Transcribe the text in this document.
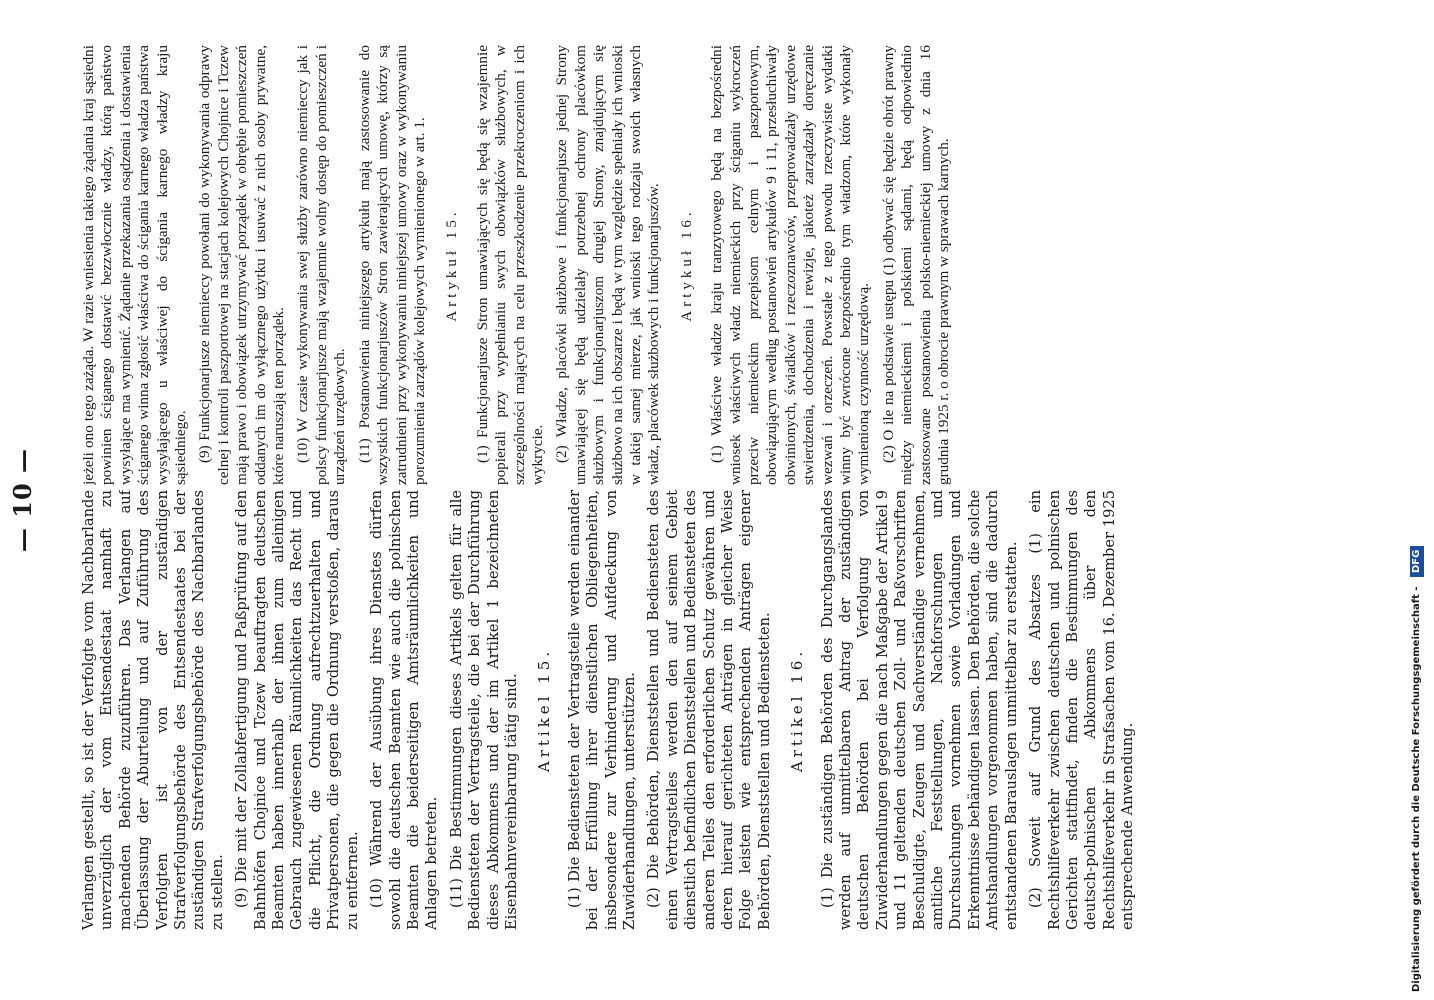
— 10 —	Verlangen gestellt, so ist der Verfolgte vom Nachbarlande unverzüglich der vom Entsendestaat namhaft zu machenden Behörde zuzuführen. Das Verlangen auf Überlassung der Aburteilung und auf Zuführung des Verfolgten ist von der zuständigen Strafverfolgungsbehörde des Entsendestaates bei der zuständigen Strafverfolgungsbehörde des Nachbarlandes zu stellen. (9) Die mit der Zollabfertigung und Paßprüfung auf den Bahnhöfen Chojnice und Tczew beauftragten deutschen Beamten haben innerhalb der ihnen zum alleinigen Gebrauch zugewiesenen Räumlichkeiten das Recht und die Pflicht, die Ordnung aufrechtzuerhalten und Privatpersonen, die gegen die Ordnung verstoßen, daraus zu entfernen. (10) Während der Ausübung ihres Dienstes dürfen sowohl die deutschen Beamten wie auch die polnischen Beamten die beiderseitigen Amtsräumlichkeiten und Anlagen betreten. (11) Die Bestimmungen dieses Artikels gelten für alle Bediensteten der Vertragsteile, die bei der Durchführung dieses Abkommens und der im Artikel 1 bezeichneten Eisenbahnvereinbarung tätig sind. Artikel 15. (1) Die Bediensteten der Vertragsteile werden einander bei der Erfüllung ihrer dienstlichen Obliegenheiten, insbesondere zur Verhinderung und Aufdeckung von Zuwiderhandlungen, unterstützen. (2) Die Behörden, Dienststellen und Bediensteten des einen Vertragsteiles werden den auf seinem Gebiet dienstlich befindlichen Dienststellen und Bediensteten des anderen Teiles den erforderlichen Schutz gewähren und deren hierauf gerichteten Anträgen in gleicher Weise Folge leisten wie entsprechenden Anträgen eigener Behörden, Dienststellen und Bediensteten. Artikel 16. (1) Die zuständigen Behörden des Durchgangslandes werden auf unmittelbaren Antrag der zuständigen deutschen Behörden bei Verfolgung von Zuwiderhandlungen gegen die nach Maßgabe der Artikel 9 und 11 geltenden deutschen Zoll- und Paßvorschriften Beschuldigte, Zeugen und Sachverständige vernehmen, amtliche Feststellungen, Nachforschungen und Durchsuchungen vornehmen sowie Vorladungen und Erkenntnisse behändigen lassen. Den Behörden, die solche Amtshandlungen vorgenommen haben, sind die dadurch entstandenen Barauslagen unmittelbar zu erstatten. (2) Soweit auf Grund des Absatzes (1) ein Rechtshilfeverkehr zwischen deutschen und polnischen Gerichten stattfindet, finden die Bestimmungen des deutsch-polnischen Abkommens über den Rechtshilfeverkehr in Strafsachen vom 16. Dezember 1925 entsprechende Anwendung.

jeżeli ono tego zażąda. W razie wniesienia takiego żądania kraj sąsiedni powinien ściganego dostawić bezzwłocznie władzy, którą państwo wysyłające ma wymienić. Żądanie przekazania osądzenia i dostawienia ściganego winna zgłosić właściwa do ścigania karnego władza państwa wysyłającego u właściwej do ścigania karnego władzy kraju sąsiedniego. (9) Funkcjonarjusze niemieccy powołani do wykonywania odprawy celnej i kontroli paszportowej na stacjach kolejowych Chojnice i Tczew mają prawo i obowiązek utrzymywać porządek w obrębie pomieszczeń oddanych im do wyłącznego użytku i usuwać z nich osoby prywatne, które naruszają ten porządek. (10) W czasie wykonywania swej służby zarówno niemieccy jak i polscy funkcjonarjusze mają wzajemnie wolny dostęp do pomieszczeń i urządzeń urzędowych. (11) Postanowienia niniejszego artykułu mają zastosowanie do wszystkich funkcjonarjuszów Stron zawierających umowę, którzy są zatrudnieni przy wykonywaniu niniejszej umowy oraz w wykonywaniu porozumienia zarządów kolejowych wymienionego w art. 1. Artykuł 15. (1) Funkcjonarjusze Stron umawiających się będą się wzajemnie popierali przy wypełnianiu swych obowiązków służbowych, w szczególności mających na celu przeszkodzenie przekroczeniom i ich wykrycie. (2) Władze, placówki służbowe i funkcjonarjusze jednej Strony umawiającej się będą udzielały potrzebnej ochrony placówkom służbowym i funkcjonarjuszom drugiej Strony, znajdującym się służbowo na ich obszarze i będą w tym względzie spełniały ich wnioski w takiej samej mierze, jak wnioski tego rodzaju swoich własnych władz, placówek służbowych i funkcjonarjuszów. Artykuł 16. (1) Właściwe władze kraju tranzytowego będą na bezpośredni wniosek właściwych władz niemieckich przy ściganiu wykroczeń przeciw niemieckim przepisom celnym i paszportowym, obowiązującym według postanowień artykułów 9 i 11, przesłuchiwały obwinionych, świadków i rzeczoznawców, przeprowadzały urzędowe stwierdzenia, dochodzenia i rewizje, jakoteż zarządzały doręczanie wezwań i orzeczeń. Powstałe z tego powodu rzeczywiste wydatki winny być zwrócone bezpośrednio tym władzom, które wykonały wymienioną czynność urzędową. (2) O ile na podstawie ustępu (1) odbywać się będzie obrót prawny między niemieckiemi i polskiemi sądami, będą odpowiednio zastosowane postanowienia polsko-niemieckiej umowy z dnia 16 grudnia 1925 r. o obrocie prawnym w sprawach karnych.

Digitalisierung gefördert durch die Deutsche Forschungsgemeinschaft - DFG
